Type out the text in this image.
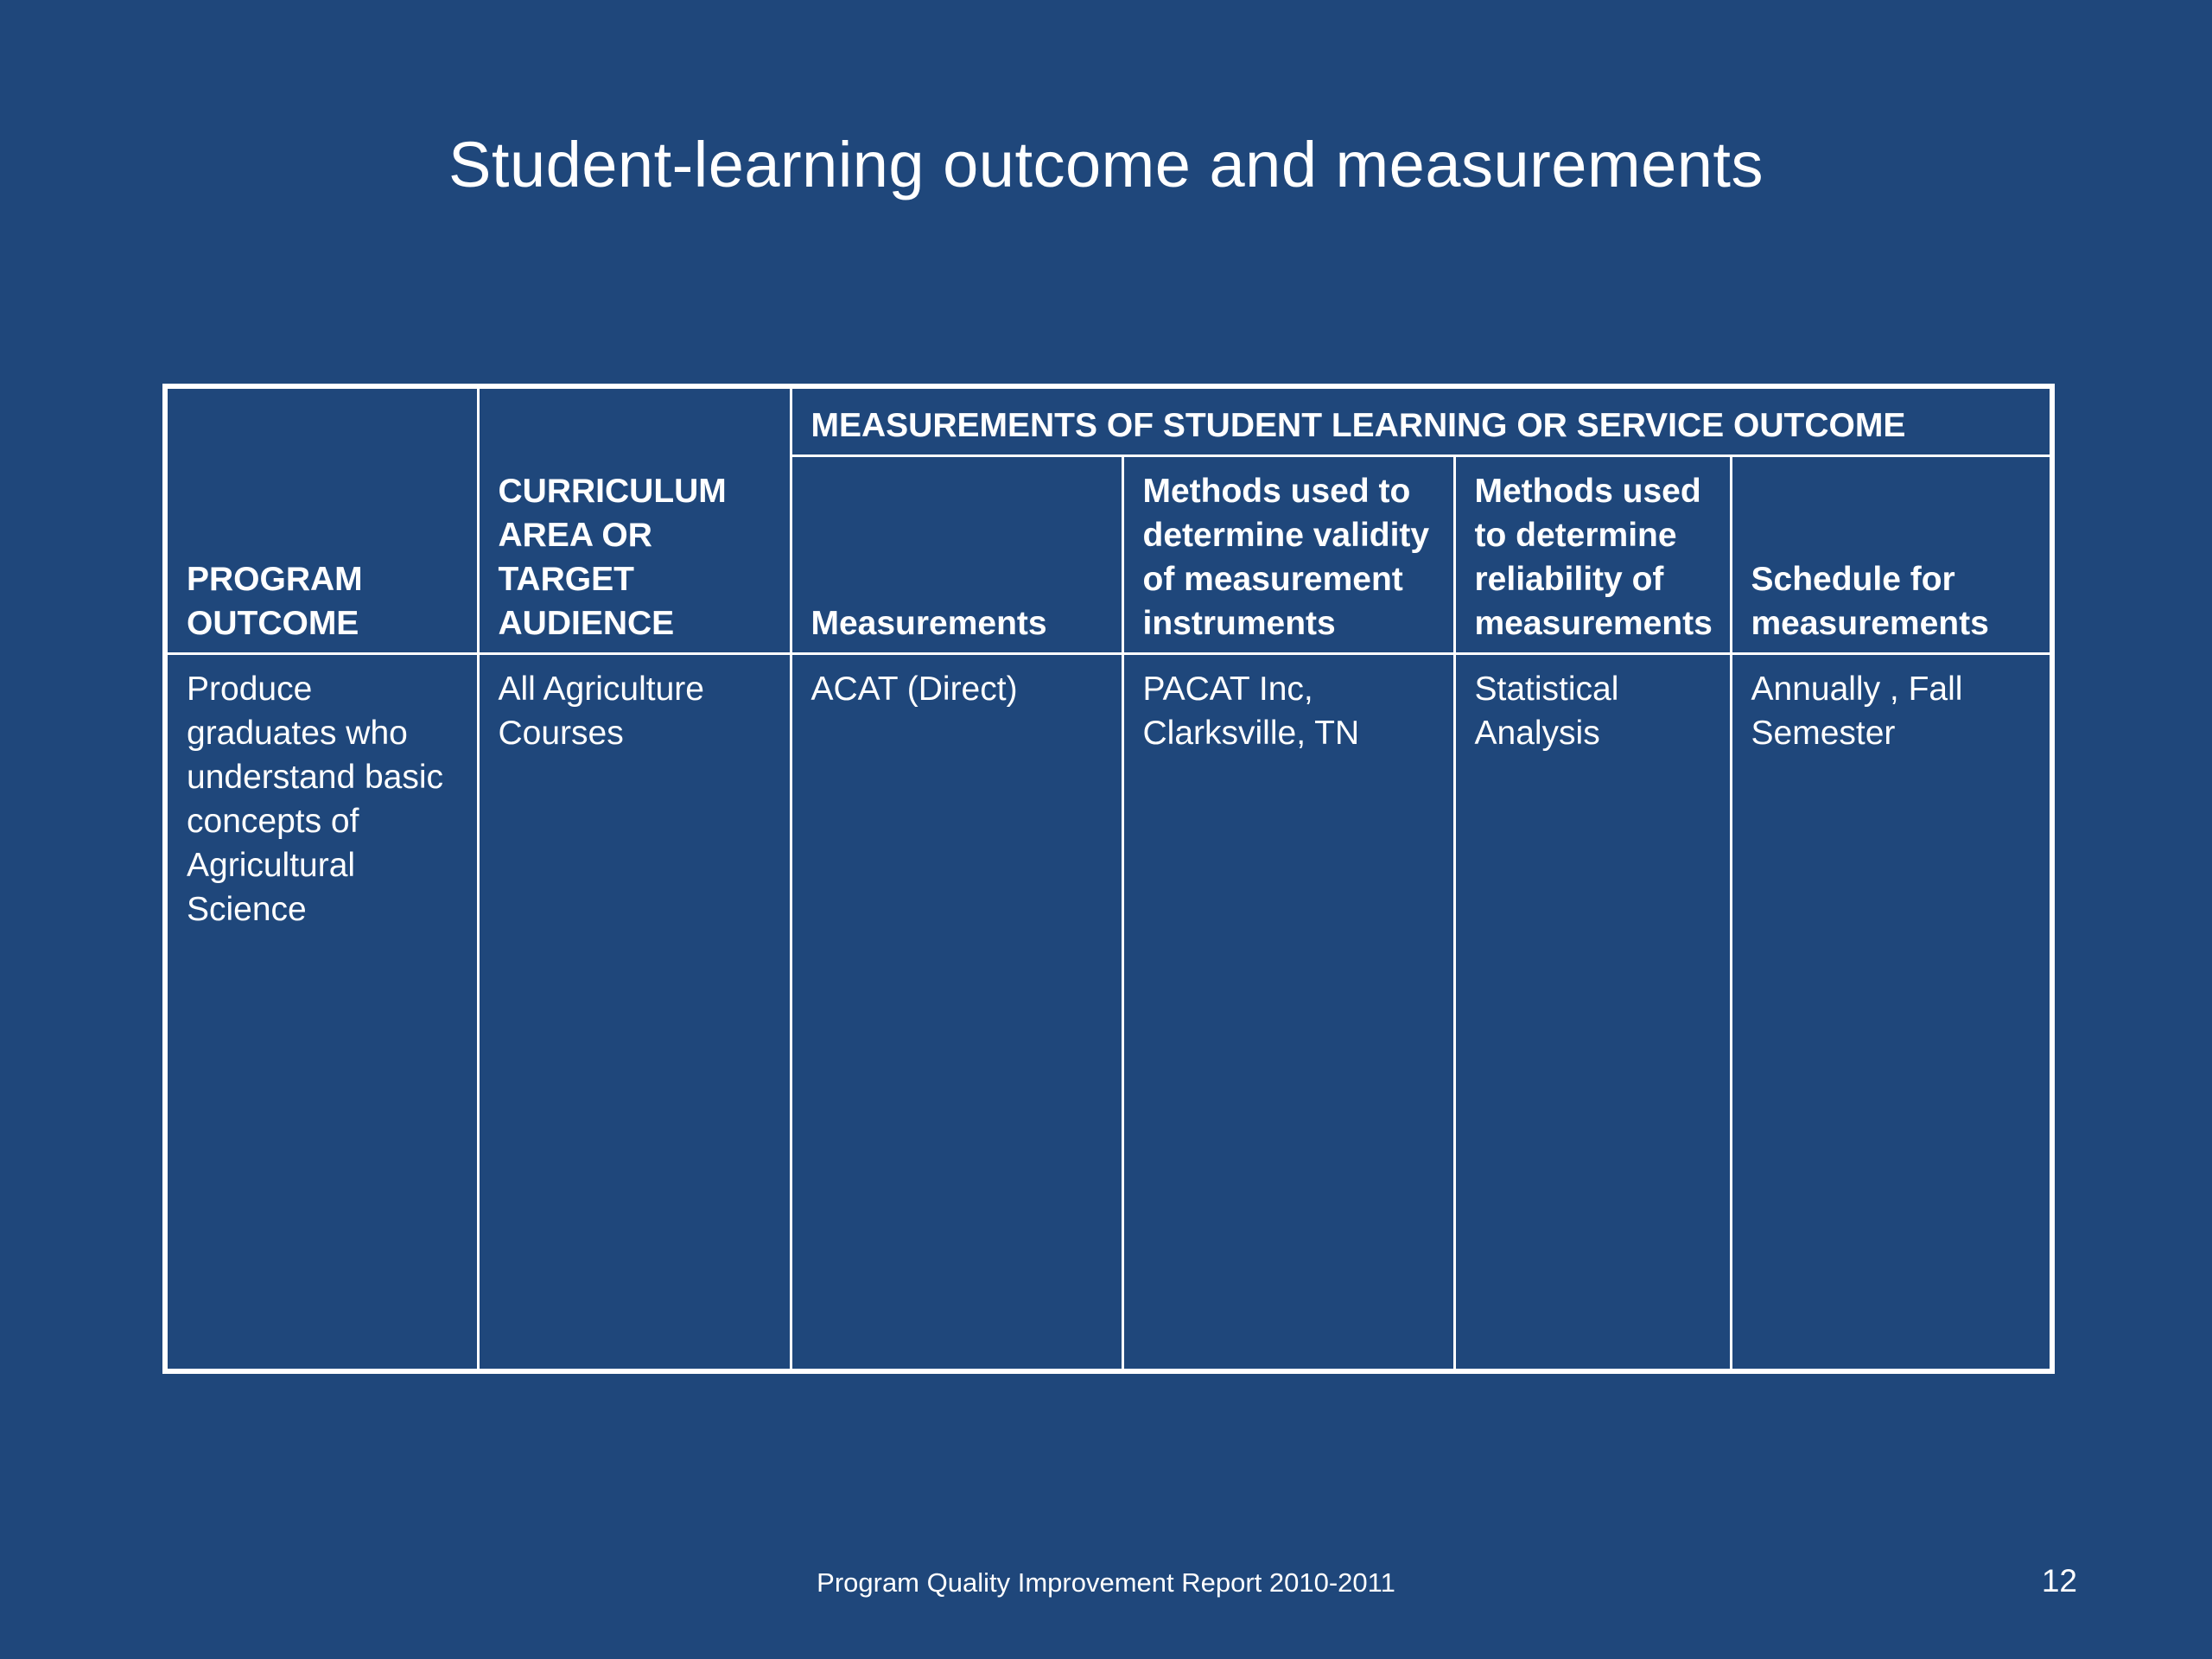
Student-learning outcome and measurements
PROGRAM OUTCOME	CURRICULUM AREA OR TARGET AUDIENCE	MEASUREMENTS OF STUDENT LEARNING OR SERVICE OUTCOME			
		Measurements	Methods used to determine validity of measurement instruments	Methods used to determine reliability of measurements	Schedule for measurements
Produce graduates who understand basic concepts of Agricultural Science	All Agriculture Courses	ACAT (Direct)	PACAT Inc, Clarksville, TN	Statistical Analysis	Annually , Fall Semester
Program Quality Improvement Report 2010-2011	12
